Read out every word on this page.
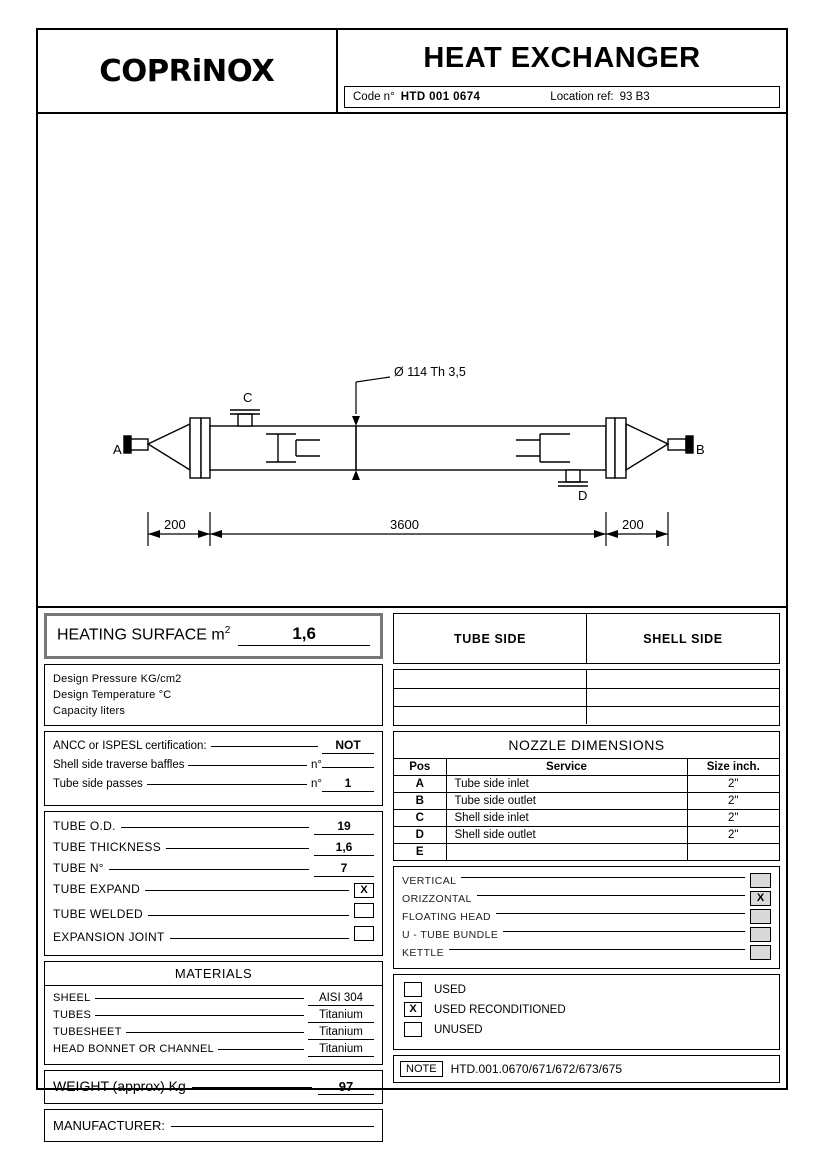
COPRiNOX	HEAT EXCHANGER
Code n° HTD 001 0674	Location ref: 93 B3
C
D
A	B
Ø 114 Th 3,5
200	3600	200
HEATING SURFACE $m^2$	1,6
Design Pressure KG/cm2
Design Temperature °C
Capacity liters
ANCC or ISPESL certification:	NOT
Shell side traverse baffles	n°
Tube side passes	n°	1
TUBE O.D.	19
TUBE THICKNESS	1,6
TUBE N°	7
TUBE EXPAND	X
TUBE WELDED
EXPANSION JOINT
MATERIALS
SHEEL	AISI 304
TUBES	Titanium
TUBESHEET	Titanium
HEAD BONNET OR CHANNEL	Titanium
WEIGHT (approx) Kg	97
MANUFACTURER:
TUBE SIDE	SHELL SIDE
NOZZLE DIMENSIONS
Pos	Service	Size inch.
A	Tube side inlet	2"
B	Tube side outlet	2"
C	Shell side inlet	2"
D	Shell side outlet	2"
E		
VERTICAL
ORIZZONTAL	X
FLOATING HEAD
U - TUBE BUNDLE
KETTLE
USED
X	USED RECONDITIONED
UNUSED
NOTE	HTD.001.0670/671/672/673/675
